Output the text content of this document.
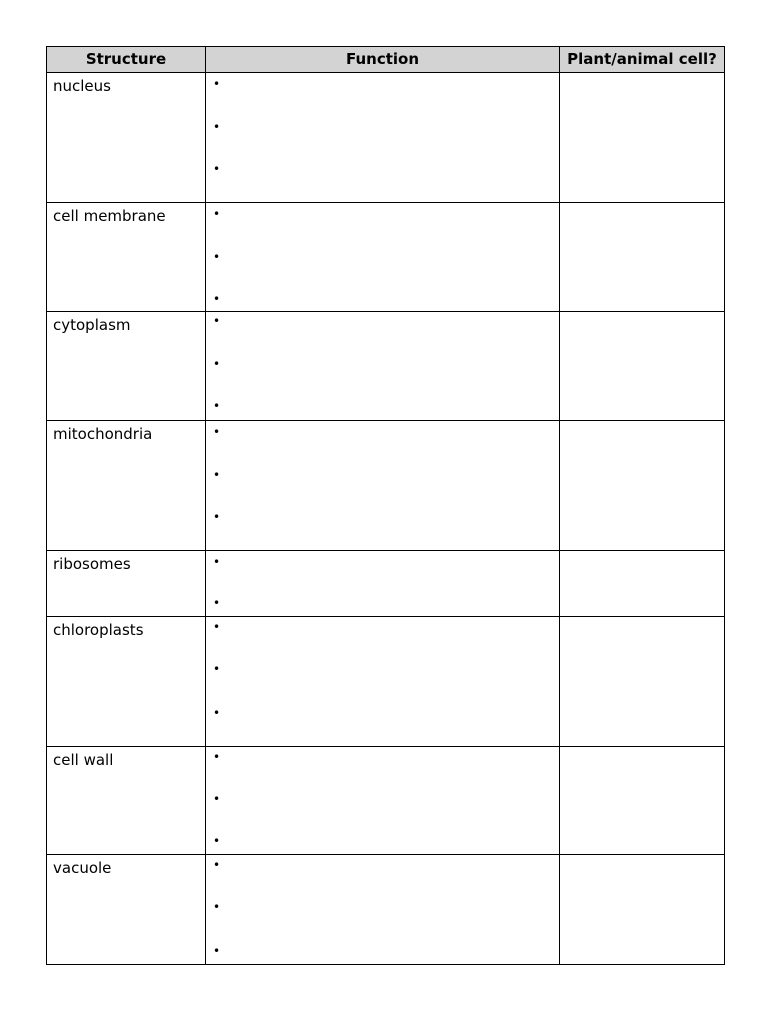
Structure	Function	Plant/animal cell?

nucleus	•
•
•	

cell membrane	•
•
•	

cytoplasm	•
•
•	

mitochondria	•
•
•	

ribosomes	•
•	

chloroplasts	•
•
•	

cell wall	•
•
•	

vacuole	•
•
•	
